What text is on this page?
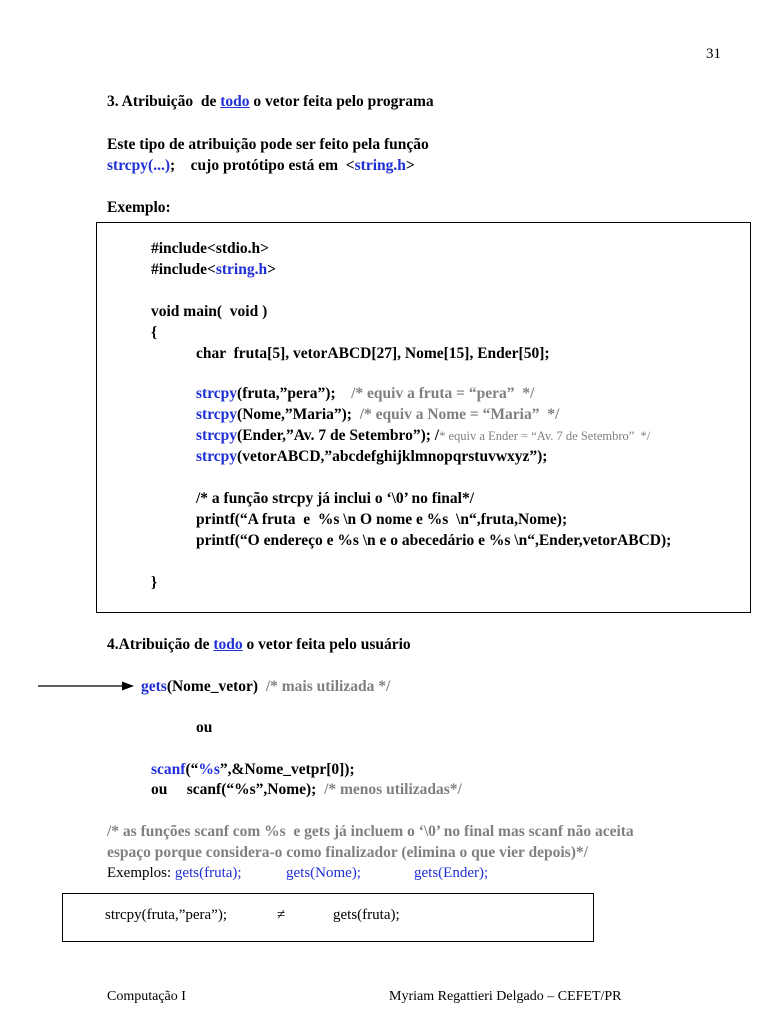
31
3. Atribuição  de todo o vetor feita pelo programa
Este tipo de atribuição pode ser feito pela função
strcpy(...);    cujo protótipo está em  <string.h>
Exemplo:
#include<stdio.h>
#include<string.h>
void main(  void )
{
char  fruta[5], vetorABCD[27], Nome[15], Ender[50];
strcpy(fruta,”pera”);    /* equiv a fruta = “pera”  */
strcpy(Nome,”Maria”);  /* equiv a Nome = “Maria”  */
strcpy(Ender,”Av. 7 de Setembro”); /* equiv a Ender = “Av. 7 de Setembro”  */
strcpy(vetorABCD,”abcdefghijklmnopqrstuvwxyz”);
/* a função strcpy já inclui o ‘\0’ no final*/
printf(“A fruta  e  %s \n O nome e %s  \n“,fruta,Nome);
printf(“O endereço e %s \n e o abecedário e %s \n“,Ender,vetorABCD);
}
4.Atribuição de todo o vetor feita pelo usuário
gets(Nome_vetor)  /* mais utilizada */
ou
scanf(“%s”,&Nome_vetpr[0]);
ou     scanf(“%s”,Nome);  /* menos utilizadas*/
/* as funções scanf com %s  e gets já incluem o ‘\0’ no final mas scanf não aceita
espaço porque considera-o como finalizador (elimina o que vier depois)*/
Exemplos: gets(fruta);	gets(Nome);	gets(Ender);
strcpy(fruta,”pera”);	≠	gets(fruta);
Computação I	Myriam Regattieri Delgado – CEFET/PR
